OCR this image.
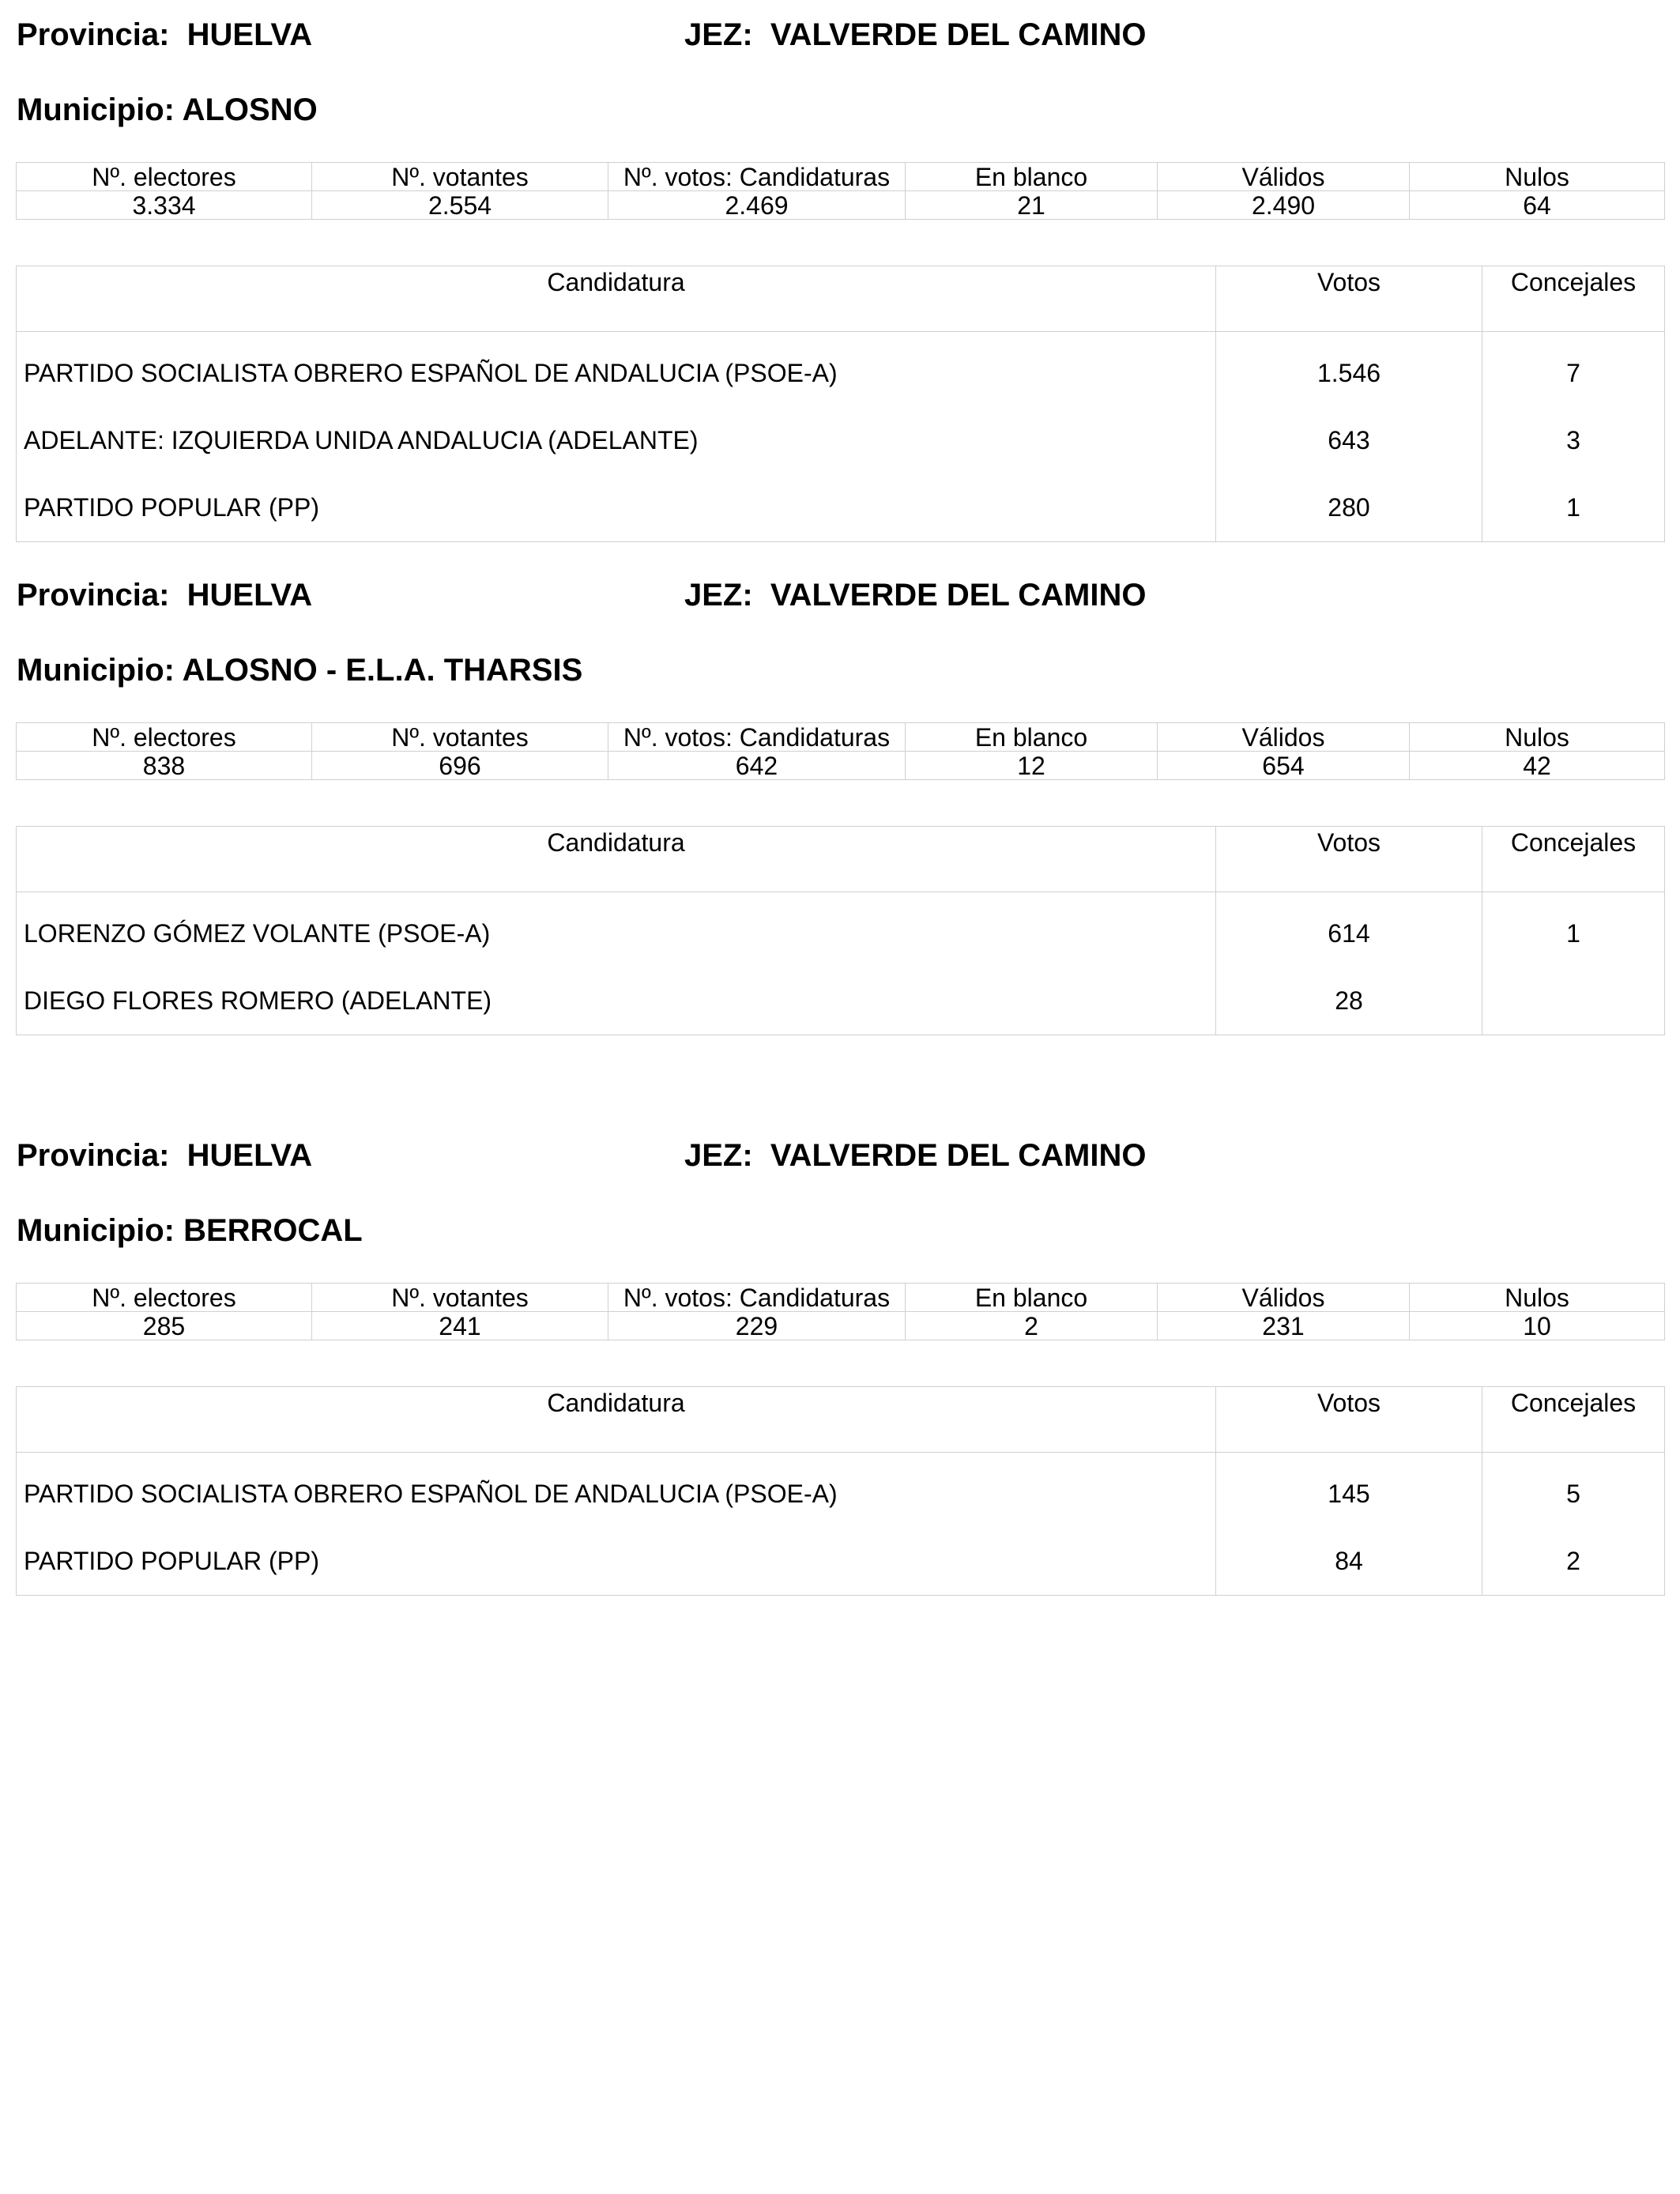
Provincia:  HUELVA	JEZ:  VALVERDE DEL CAMINO
Municipio: ALOSNO
Nº. electores	Nº. votantes	Nº. votos: Candidaturas	En blanco	Válidos	Nulos
3.334	2.554	2.469	21	2.490	64
Candidatura	Votos	Concejales
PARTIDO SOCIALISTA OBRERO ESPAÑOL DE ANDALUCIA (PSOE-A)	1.546	7
ADELANTE: IZQUIERDA UNIDA ANDALUCIA (ADELANTE)	643	3
PARTIDO POPULAR (PP)	280	1
Provincia:  HUELVA	JEZ:  VALVERDE DEL CAMINO
Municipio: ALOSNO - E.L.A. THARSIS
Nº. electores	Nº. votantes	Nº. votos: Candidaturas	En blanco	Válidos	Nulos
838	696	642	12	654	42
Candidatura	Votos	Concejales
LORENZO GÓMEZ VOLANTE (PSOE-A)	614	1
DIEGO FLORES ROMERO (ADELANTE)	28	
Provincia:  HUELVA	JEZ:  VALVERDE DEL CAMINO
Municipio: BERROCAL
Nº. electores	Nº. votantes	Nº. votos: Candidaturas	En blanco	Válidos	Nulos
285	241	229	2	231	10
Candidatura	Votos	Concejales
PARTIDO SOCIALISTA OBRERO ESPAÑOL DE ANDALUCIA (PSOE-A)	145	5
PARTIDO POPULAR (PP)	84	2
